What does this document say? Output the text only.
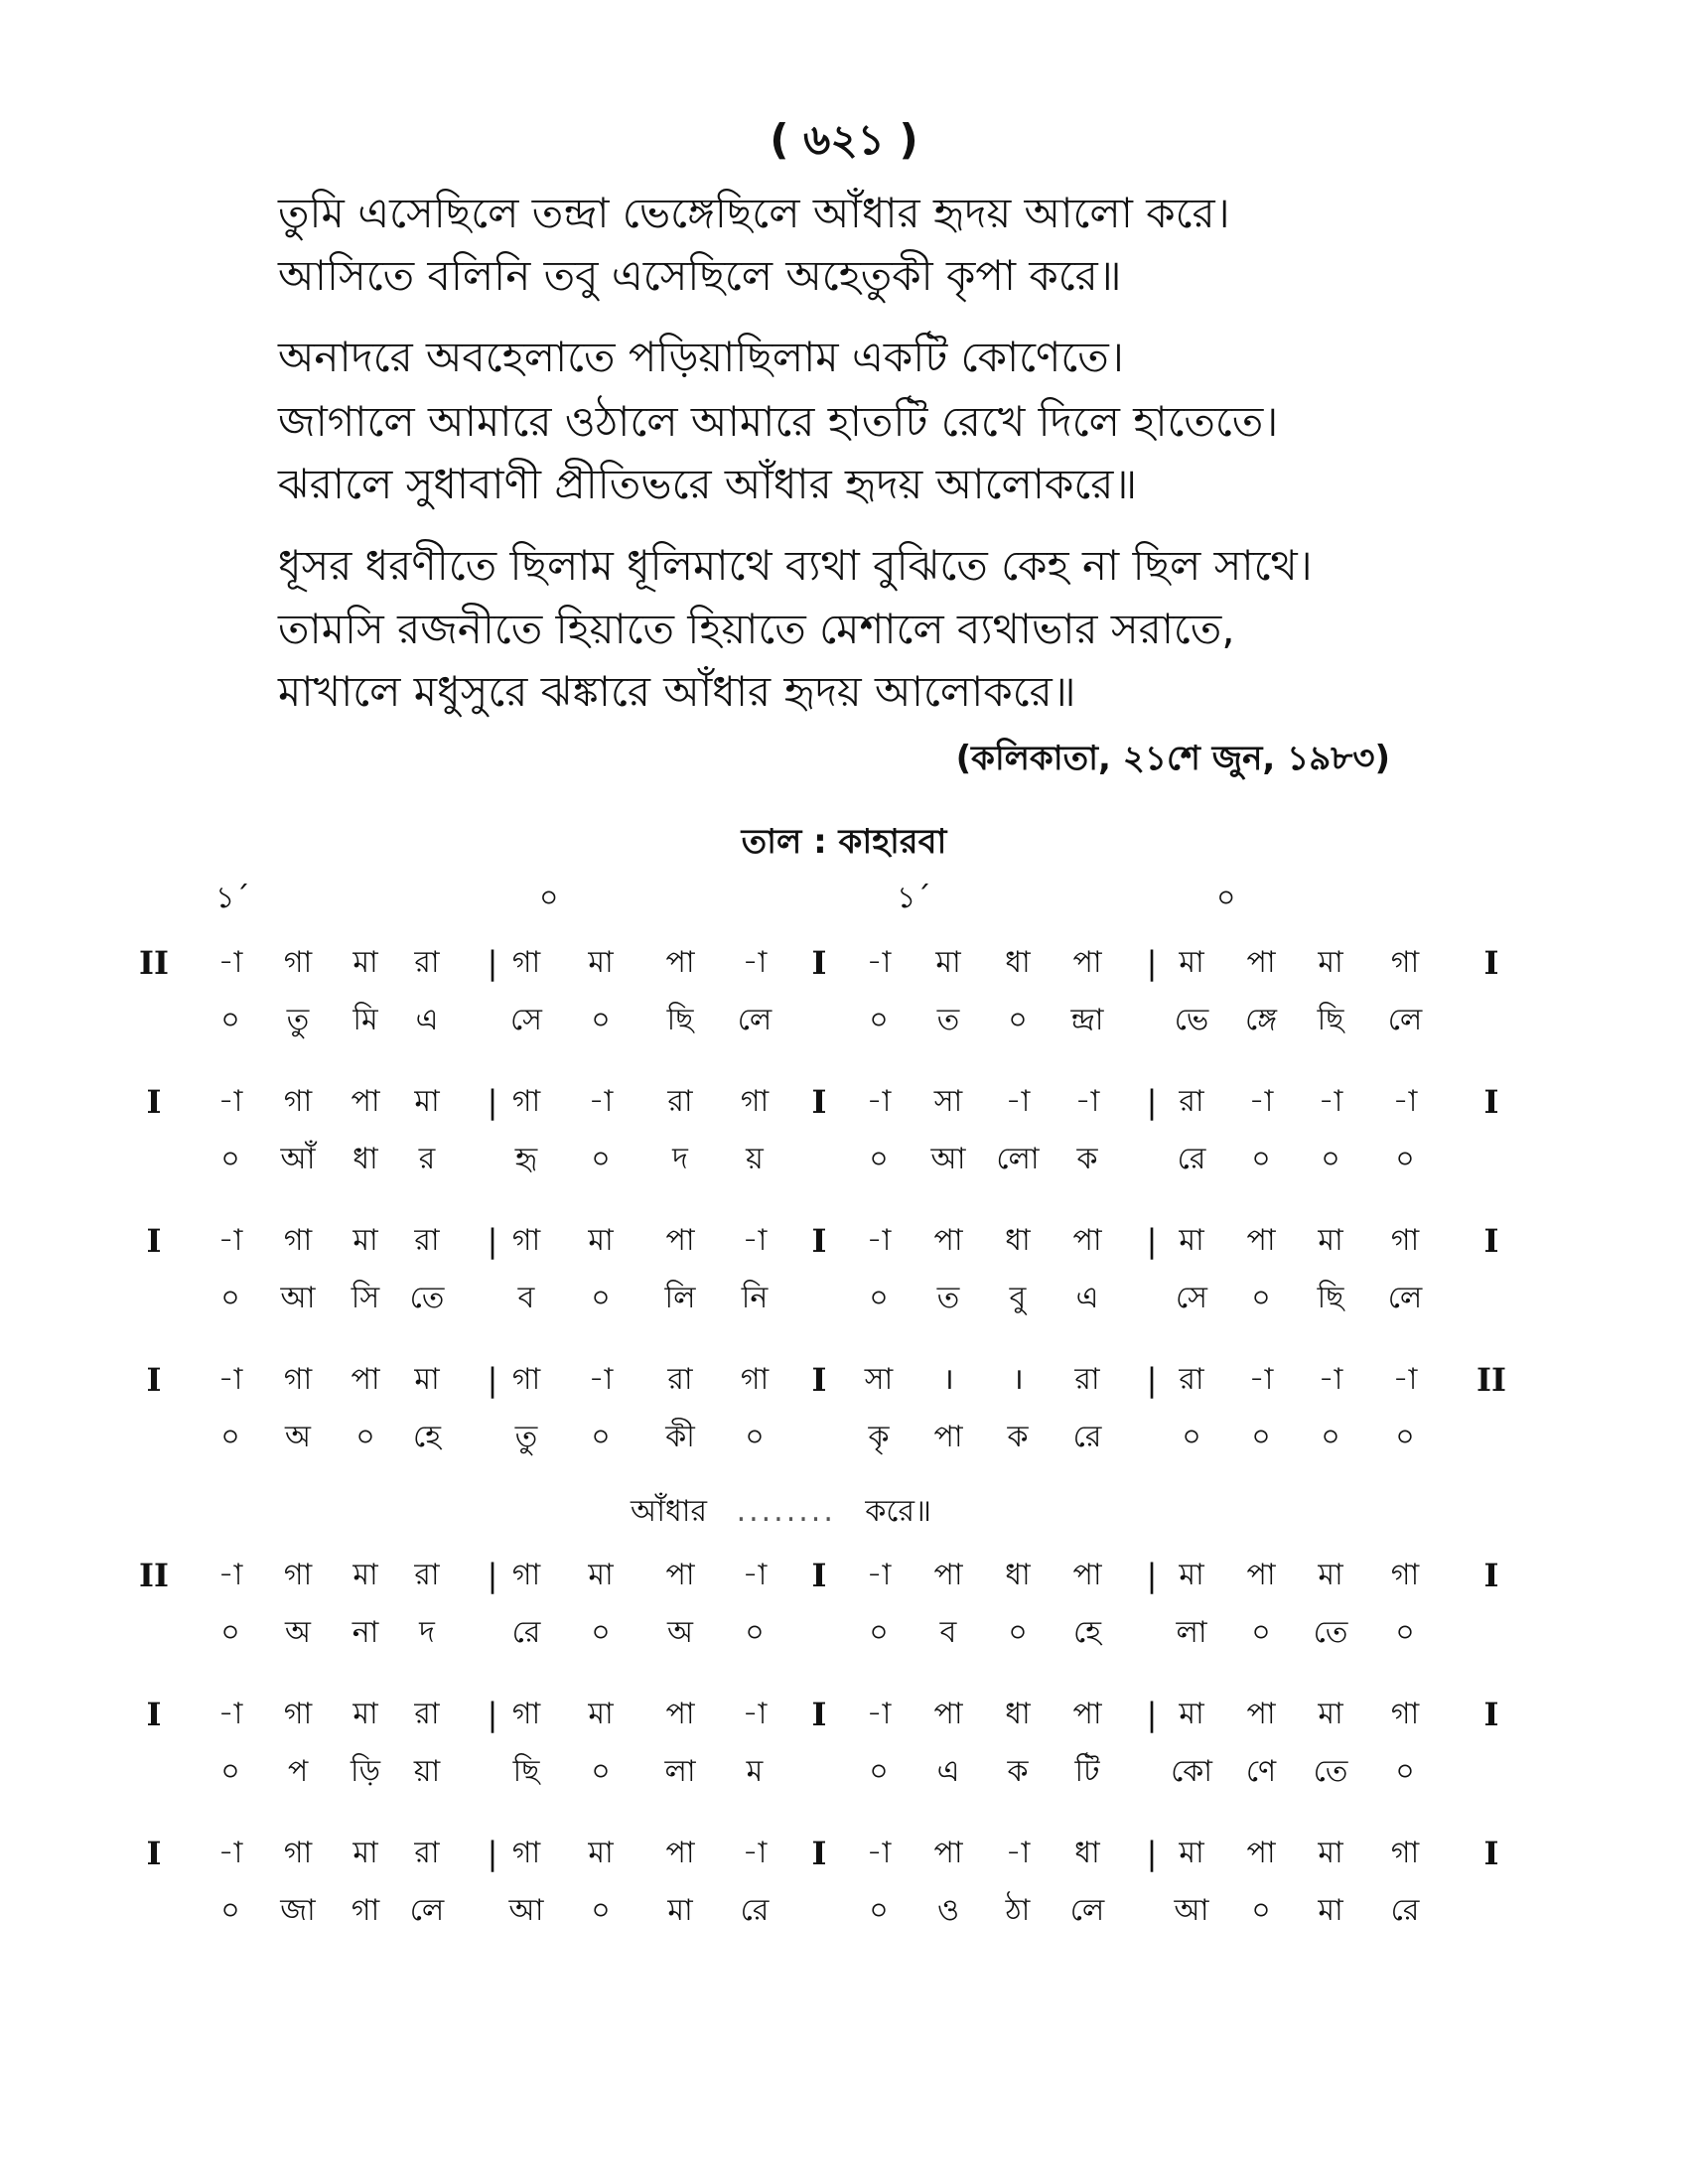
( ৬২১ )
তুমি এসেছিলে তন্দ্রা ভেঙ্গেছিলে আঁধার হৃদয় আলো করে।
আসিতে বলিনি তবু এসেছিলে অহেতুকী কৃপা করে॥
অনাদরে অবহেলাতে পড়িয়াছিলাম একটি কোণেতে।
জাগালে আমারে ওঠালে আমারে হাতটি রেখে দিলে হাতেতে।
ঝরালে সুধাবাণী প্রীতিভরে আঁধার হৃদয় আলোকরে॥
ধূসর ধরণীতে ছিলাম ধূলিমাথে ব্যথা বুঝিতে কেহ না ছিল সাথে।
তামসি রজনীতে হিয়াতে হিয়াতে মেশালে ব্যথাভার সরাতে,
মাখালে মধুসুরে ঝঙ্কারে আঁধার হৃদয় আলোকরে॥
(কলিকাতা, ২১শে জুন, ১৯৮৩)
তাল : কাহারবা
১´	০	১´	০
II	|	I	|	I
-া	গা	মা	রা	গা	মা	পা	-া	-া	মা	ধা	পা	মা	পা	মা	গা
০	তু	মি	এ	সে	০	ছি	লে	০	ত	০	ন্দ্রা	ভে	ঙ্গে	ছি	লে
I	|	I	|	I
-া	গা	পা	মা	গা	-া	রা	গা	-া	সা	-া	-া	রা	-া	-া	-া
০	আঁ	ধা	র	হৃ	০	দ	য়	০	আ	লো	ক	রে	০	০	০
I	|	I	|	I
-া	গা	মা	রা	গা	মা	পা	-া	-া	পা	ধা	পা	মা	পা	মা	গা
০	আ	সি	তে	ব	০	লি	নি	০	ত	বু	এ	সে	০	ছি	লে
I	|	I	|	II
-া	গা	পা	মা	গা	-া	রা	গা	সা	।	।	রা	রা	-া	-া	-া
০	অ	০	হে	তু	০	কী	০	কৃ	পা	ক	রে	০	০	০	০
II	|	I	|	I
-া	গা	মা	রা	গা	মা	পা	-া	-া	পা	ধা	পা	মা	পা	মা	গা
০	অ	না	দ	রে	০	অ	০	০	ব	০	হে	লা	০	তে	০
I	|	I	|	I
-া	গা	মা	রা	গা	মা	পা	-া	-া	পা	ধা	পা	মা	পা	মা	গা
০	প	ড়ি	য়া	ছি	০	লা	ম	০	এ	ক	টি	কো	ণে	তে	০
I	|	I	|	I
-া	গা	মা	রা	গা	মা	পা	-া	-া	পা	-া	ধা	মা	পা	মা	গা
০	জা	গা	লে	আ	০	মা	রে	০	ও	ঠা	লে	আ	০	মা	রে
আঁধার ........ করে॥
